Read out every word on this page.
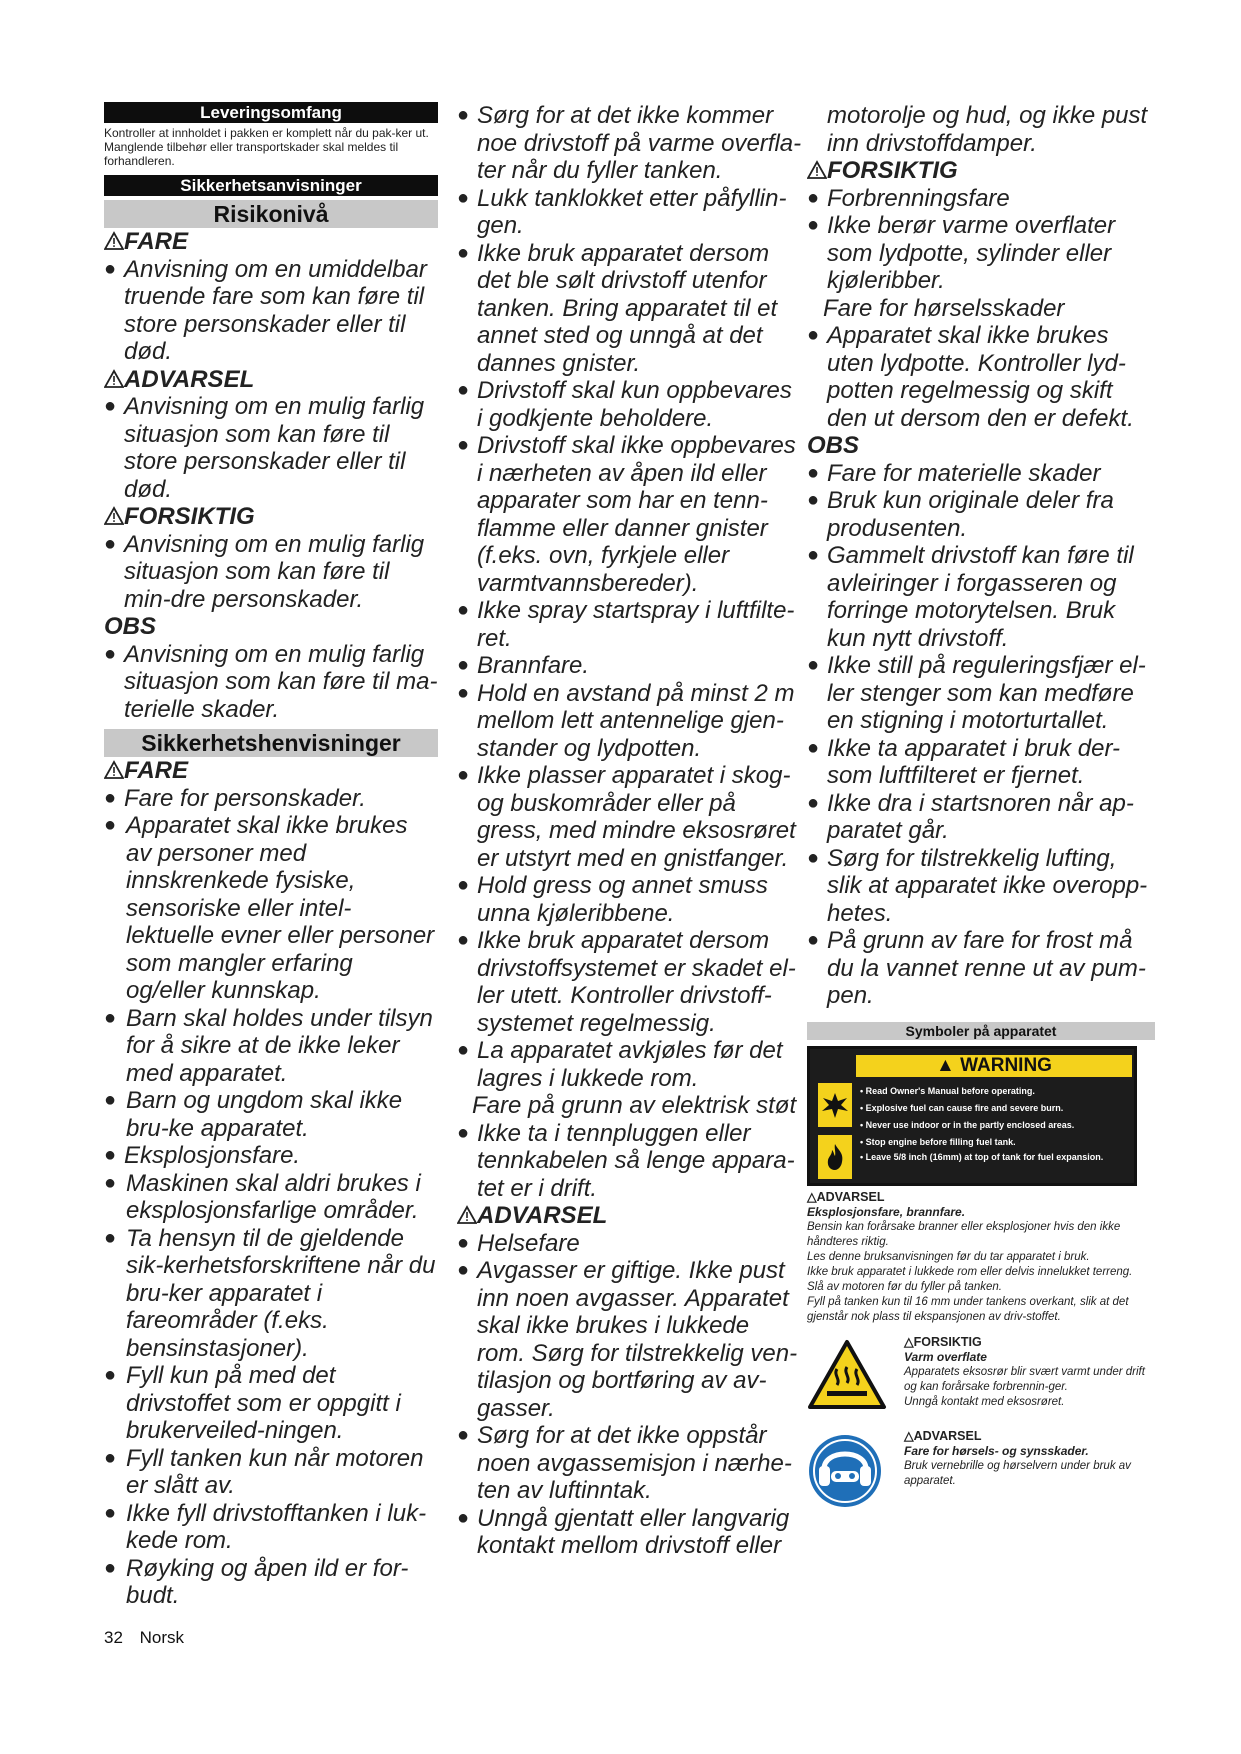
Leveringsomfang

Kontroller at innholdet i pakken er komplett når du pak-ker ut. Manglende tilbehør eller transportskader skal meldes til forhandleren.

Sikkerhetsanvisninger
Risikonivå
FARE

● Anvisning om en umiddelbar truende fare som kan føre til store personskader eller til død.

ADVARSEL

● Anvisning om en mulig farlig situasjon som kan føre til store personskader eller til død.

FORSIKTIG

● Anvisning om en mulig farlig situasjon som kan føre til min-dre personskader.

OBS

● Anvisning om en mulig farlig situasjon som kan føre til ma-terielle skader.

Sikkerhetshenvisninger
FARE

● Fare for personskader.

● Apparatet skal ikke brukes av personer med innskrenkede fysiske, sensoriske eller intel-lektuelle evner eller personer som mangler erfaring og/eller kunnskap.

● Barn skal holdes under tilsyn for å sikre at de ikke leker med apparatet.

● Barn og ungdom skal ikke bru-ke apparatet.

● Eksplosjonsfare.

● Maskinen skal aldri brukes i eksplosjonsfarlige områder.

● Ta hensyn til de gjeldende sik-kerhetsforskriftene når du bru-ker apparatet i fareområder (f.eks. bensinstasjoner).

● Fyll kun på med det drivstoffet som er oppgitt i brukerveiled-ningen.

● Fyll tanken kun når motoren er slått av.

● Ikke fyll drivstofftanken i luk-kede rom.

● Røyking og åpen ild er for-budt.

● Sørg for at det ikke kommer noe drivstoff på varme overfla-ter når du fyller tanken.

● Lukk tanklokket etter påfyllin-gen.

● Ikke bruk apparatet dersom det ble sølt drivstoff utenfor tanken. Bring apparatet til et annet sted og unngå at det dannes gnister.

● Drivstoff skal kun oppbevares i godkjente beholdere.

● Drivstoff skal ikke oppbevares i nærheten av åpen ild eller apparater som har en tenn-flamme eller danner gnister (f.eks. ovn, fyrkjele eller varmtvannsbereder).

● Ikke spray startspray i luftfilte-ret.

● Brannfare.

● Hold en avstand på minst 2 m mellom lett antennelige gjen-stander og lydpotten.

● Ikke plasser apparatet i skog-og buskområder eller på gress, med mindre eksosrøret er utstyrt med en gnistfanger.

● Hold gress og annet smuss unna kjøleribbene.

● Ikke bruk apparatet dersom drivstoffsystemet er skadet el-ler utett. Kontroller drivstoff-systemet regelmessig.

● La apparatet avkjøles før det lagres i lukkede rom.

Fare på grunn av elektrisk støt

● Ikke ta i tennpluggen eller tennkabelen så lenge appara-tet er i drift.

ADVARSEL

● Helsefare

● Avgasser er giftige. Ikke pust inn noen avgasser. Apparatet skal ikke brukes i lukkede rom. Sørg for tilstrekkelig ven-tilasjon og bortføring av av-gasser.

● Sørg for at det ikke oppstår noen avgassemisjon i nærhe-ten av luftinntak.

● Unngå gjentatt eller langvarig kontakt mellom drivstoff eller

motorolje og hud, og ikke pust inn drivstoffdamper.

FORSIKTIG

● Forbrenningsfare

● Ikke berør varme overflater som lydpotte, sylinder eller kjøleribber.

Fare for hørselsskader

● Apparatet skal ikke brukes uten lydpotte. Kontroller lyd-potten regelmessig og skift den ut dersom den er defekt.

OBS

● Fare for materielle skader

● Bruk kun originale deler fra produsenten.

● Gammelt drivstoff kan føre til avleiringer i forgasseren og forringe motorytelsen. Bruk kun nytt drivstoff.

● Ikke still på reguleringsfjær el-ler stenger som kan medføre en stigning i motorturtallet.

● Ikke ta apparatet i bruk der-som luftfilteret er fjernet.

● Ikke dra i startsnoren når ap-paratet går.

● Sørg for tilstrekkelig lufting, slik at apparatet ikke overopp-hetes.

● På grunn av fare for frost må du la vannet renne ut av pum-pen.

Symboler på apparatet
▲ WARNING
• Read Owner's Manual before operating.
• Explosive fuel can cause fire and severe burn.
• Never use indoor or in the partly enclosed areas.
• Stop engine before filling fuel tank.
• Leave 5/8 inch (16mm) at top of tank for fuel expansion.
△ADVARSEL
Eksplosjonsfare, brannfare.
Bensin kan forårsake branner eller eksplosjoner hvis den ikke håndteres riktig.
Les denne bruksanvisningen før du tar apparatet i bruk.
Ikke bruk apparatet i lukkede rom eller delvis innelukket terreng.
Slå av motoren før du fyller på tanken.
Fyll på tanken kun til 16 mm under tankens overkant, slik at det gjenstår nok plass til ekspansjonen av driv-stoffet.
△FORSIKTIG
Varm overflate
Apparatets eksosrør blir svært varmt under drift og kan forårsake forbrennin-ger.
Unngå kontakt med eksosrøret.
△ADVARSEL
Fare for hørsels- og synsskader.
Bruk vernebrille og hørselvern under bruk av apparatet.
32 Norsk
